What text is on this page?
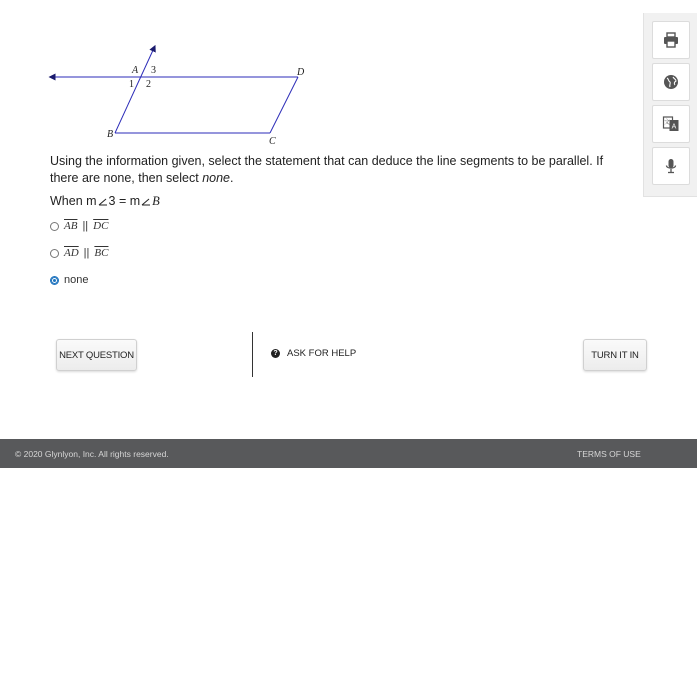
A 3
1 2
D
B
C
Using the information given, select the statement that can deduce the line segments to be parallel. If there are none, then select none.
When m 3 = m B
$\overline{AB}$ || $\overline{DC}$
$\overline{AD}$ || $\overline{BC}$
none
NEXT QUESTION	? ASK FOR HELP	TURN IT IN
A
文
© 2020 Glynlyon, Inc. All rights reserved.	TERMS OF USE
